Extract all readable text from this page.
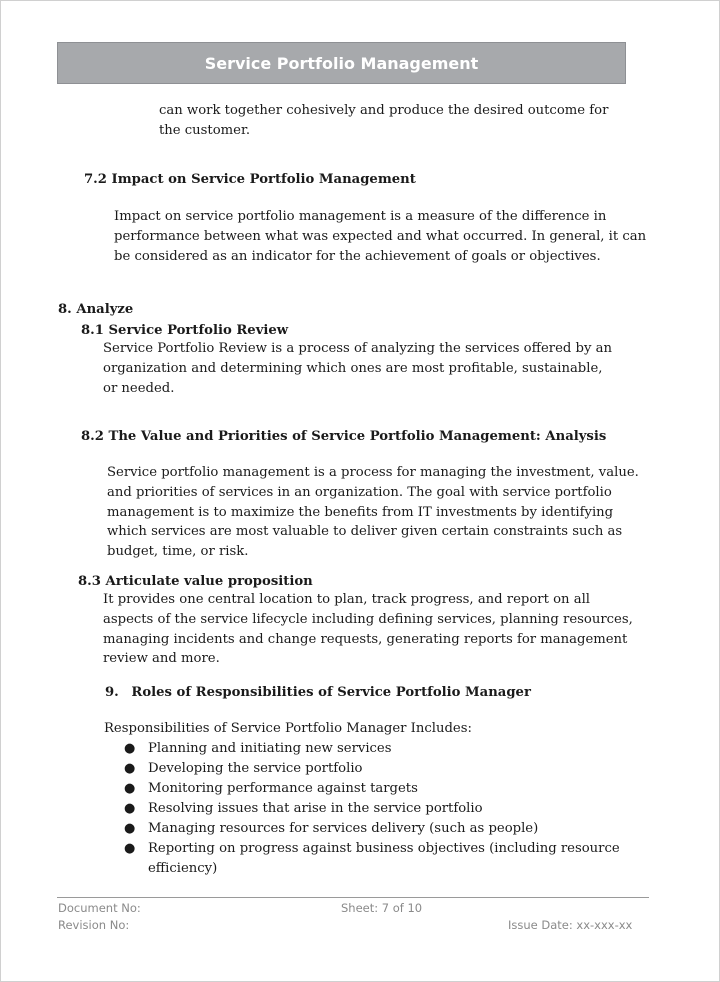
Service Portfolio Management
can work together cohesively and produce the desired outcome for the customer.
7.2 Impact on Service Portfolio Management
Impact on service portfolio management is a measure of the difference in performance between what was expected and what occurred. In general, it can be considered as an indicator for the achievement of goals or objectives.
8. Analyze
8.1 Service Portfolio Review
Service Portfolio Review is a process of analyzing the services offered by an organization and determining which ones are most profitable, sustainable, or needed.
8.2 The Value and Priorities of Service Portfolio Management: Analysis
Service portfolio management is a process for managing the investment, value. and priorities of services in an organization. The goal with service portfolio management is to maximize the benefits from IT investments by identifying which services are most valuable to deliver given certain constraints such as budget, time, or risk.
8.3 Articulate value proposition
It provides one central location to plan, track progress, and report on all aspects of the service lifecycle including defining services, planning resources, managing incidents and change requests, generating reports for management review and more.
9. Roles of Responsibilities of Service Portfolio Manager
Responsibilities of Service Portfolio Manager Includes:
● Planning and initiating new services
● Developing the service portfolio
● Monitoring performance against targets
● Resolving issues that arise in the service portfolio
● Managing resources for services delivery (such as people)
● Reporting on progress against business objectives (including resource efficiency)
Document No:
Revision No:
Sheet: 7 of 10
Issue Date: xx-xxx-xx
